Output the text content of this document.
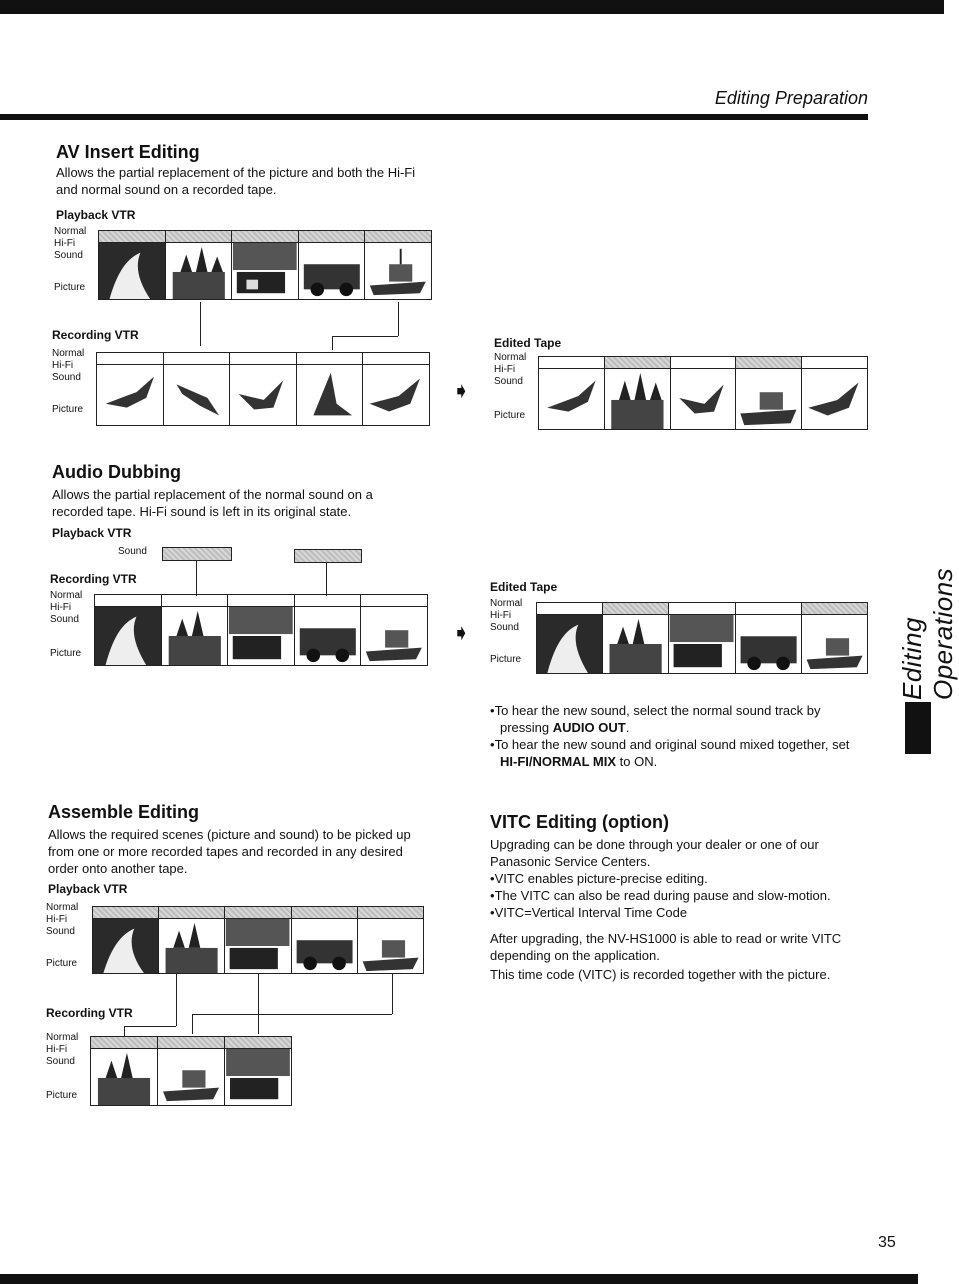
Editing Preparation
Editing Operations
35
AV Insert Editing
Allows the partial replacement of the picture and both the Hi-Fi and normal sound on a recorded tape.
Playback VTR
Normal
Hi-Fi
Sound
Picture
Recording VTR
Normal
Hi-Fi
Sound
Picture
➧
Edited Tape
Normal
Hi-Fi
Sound
Picture
Audio Dubbing
Allows the partial replacement of the normal sound on a recorded tape. Hi-Fi sound is left in its original state.
Playback VTR
Sound
Recording VTR
Normal
Hi-Fi
Sound
Picture
➧
Edited Tape
Normal
Hi-Fi
Sound
Picture
•To hear the new sound, select the normal sound track by pressing AUDIO OUT.
•To hear the new sound and original sound mixed together, set HI-FI/NORMAL MIX to ON.
Assemble Editing
Allows the required scenes (picture and sound) to be picked up from one or more recorded tapes and recorded in any desired order onto another tape.
Playback VTR
Normal
Hi-Fi
Sound
Picture
Recording VTR
Normal
Hi-Fi
Sound
Picture
VITC Editing (option)
Upgrading can be done through your dealer or one of our Panasonic Service Centers.
•VITC enables picture-precise editing.
•The VITC can also be read during pause and slow-motion.
•VITC=Vertical Interval Time Code
After upgrading, the NV-HS1000 is able to read or write VITC depending on the application.
This time code (VITC) is recorded together with the picture.
